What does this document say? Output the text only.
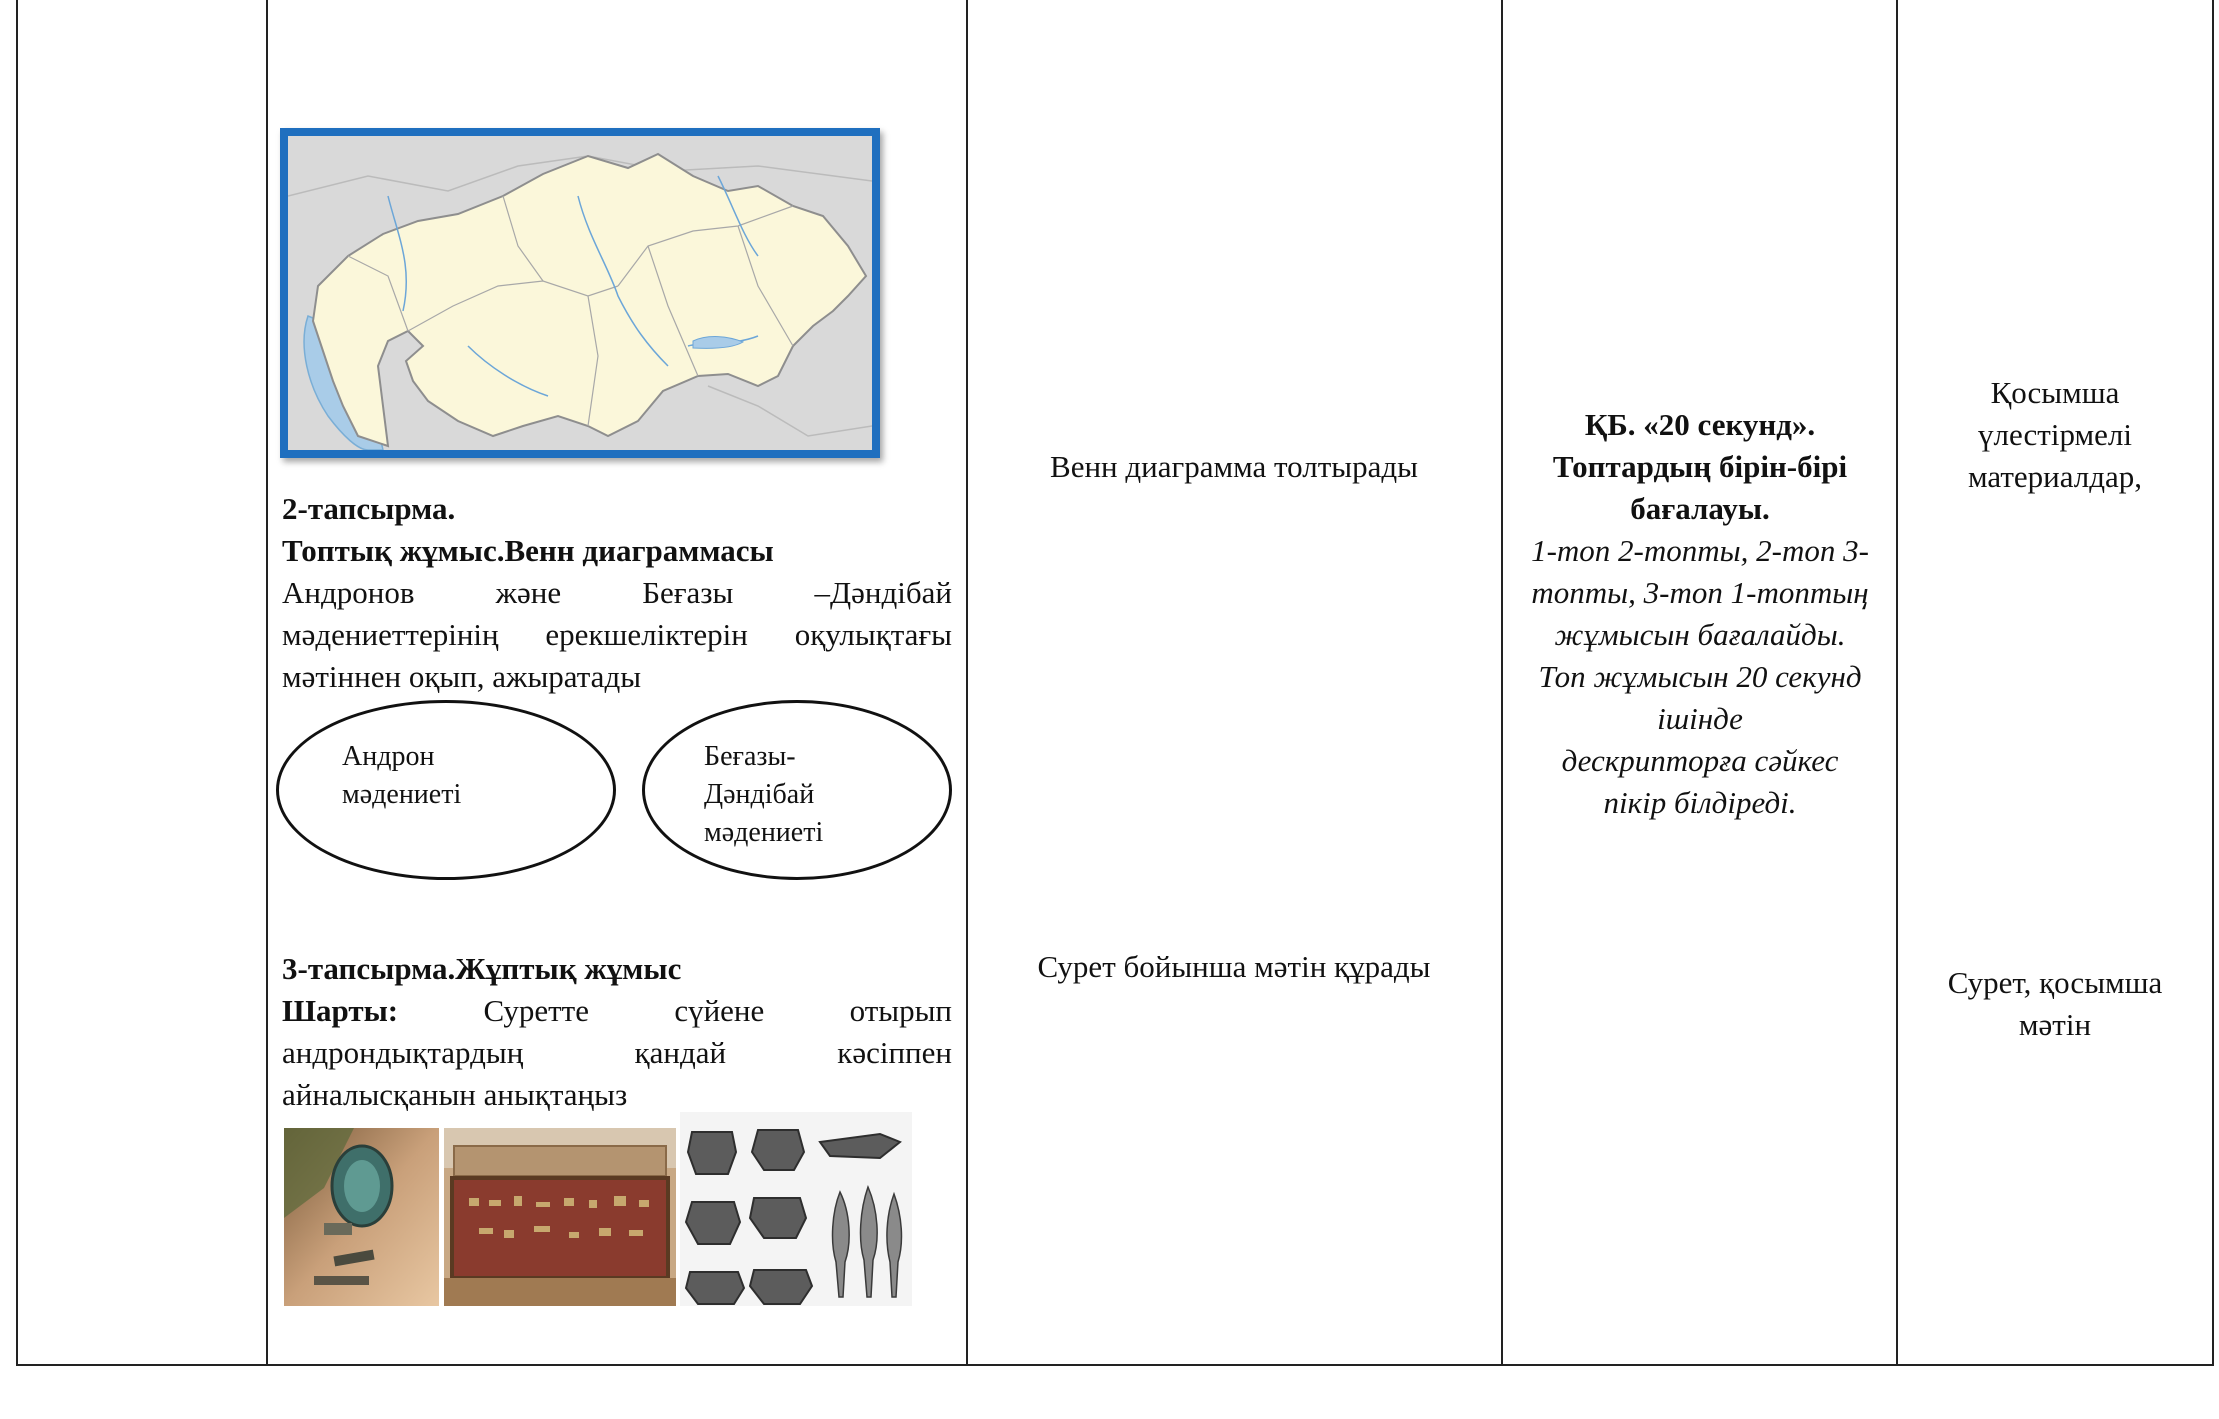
2-тапсырма.
Топтық жұмыс.Венн диаграммасы
Андронов және Беғазы –Дәндібай
мәдениеттерінің ерекшеліктерін оқулықтағы
мәтіннен оқып, ажыратады
Андрон
мәдениеті
Беғазы-
Дәндібай
мәдениеті
3-тапсырма.Жұптық жұмыс
Шарты:	Суретте сүйене отырып
андрондықтардың қандай кәсіппен
айналысқанын анықтаңыз
Венн диаграмма толтырады
Сурет бойынша мәтін құрады
ҚБ. «20 секунд».
Топтардың бірін-бірі
бағалауы.
1-топ 2-топты, 2-топ 3-
топты, 3-топ 1-топтың
жұмысын бағалайды.
Топ жұмысын 20 секунд
ішінде
дескрипторға сәйкес
пікір білдіреді.
Қосымша
үлестірмелі
материалдар,
Сурет, қосымша
мәтін
